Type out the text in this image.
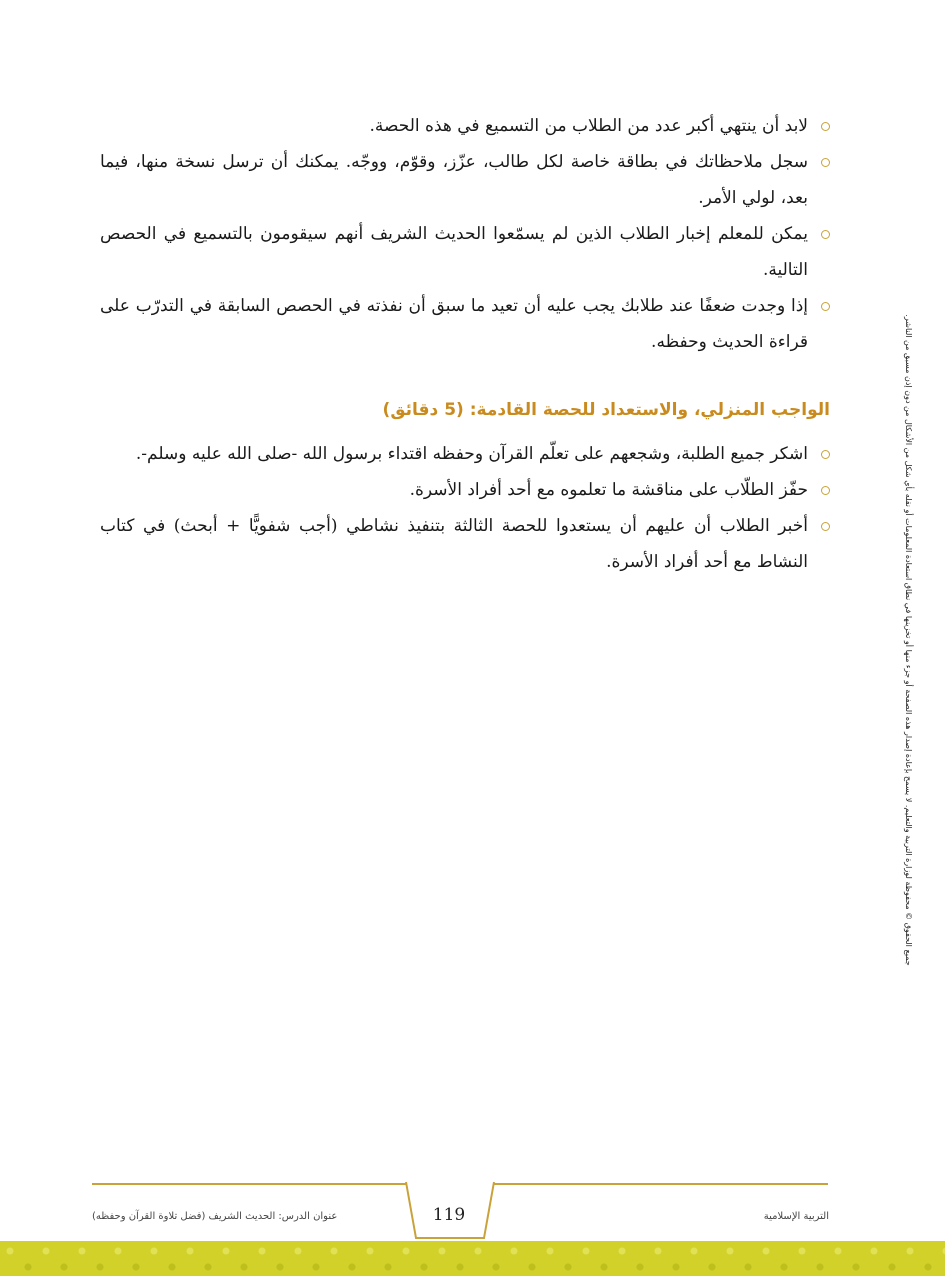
لابد أن ينتهي أكبر عدد من الطلاب من التسميع في هذه الحصة.
سجل ملاحظاتك في بطاقة خاصة لكل طالب، عزّز، وقوّم، ووجّه. يمكنك أن ترسل نسخة منها، فيما بعد، لولي الأمر.
يمكن للمعلم إخبار الطلاب الذين لم يسمّعوا الحديث الشريف أنهم سيقومون بالتسميع في الحصص التالية.
إذا وجدت ضعفًا عند طلابك يجب عليه أن تعيد ما سبق أن نفذته في الحصص السابقة في التدرّب على قراءة الحديث وحفظه.
الواجب المنزلي، والاستعداد للحصة القادمة: (5 دقائق)
اشكر جميع الطلبة، وشجعهم على تعلّم القرآن وحفظه اقتداء برسول الله -صلى الله عليه وسلم-.
حفّز الطلّاب على مناقشة ما تعلموه مع أحد أفراد الأسرة.
أخبر الطلاب أن عليهم أن يستعدوا للحصة الثالثة بتنفيذ نشاطي (أجب شفويًّا + أبحث) في كتاب النشاط مع أحد أفراد الأسرة.	جميع الحقوق © محفوظة لوزارة التربية والتعليم. لا يسمح بإعادة إصدار هذه الصفحة أو جزء منها أو تخزينها في نطاق استعادة المعلومات أو نقله بأي شكل من الأشكال من دون إذن مسبق من الناشر.
119
عنوان الدرس: الحديث الشريف (فضل تلاوة القرآن وحفظه)	التربية الإسلامية
